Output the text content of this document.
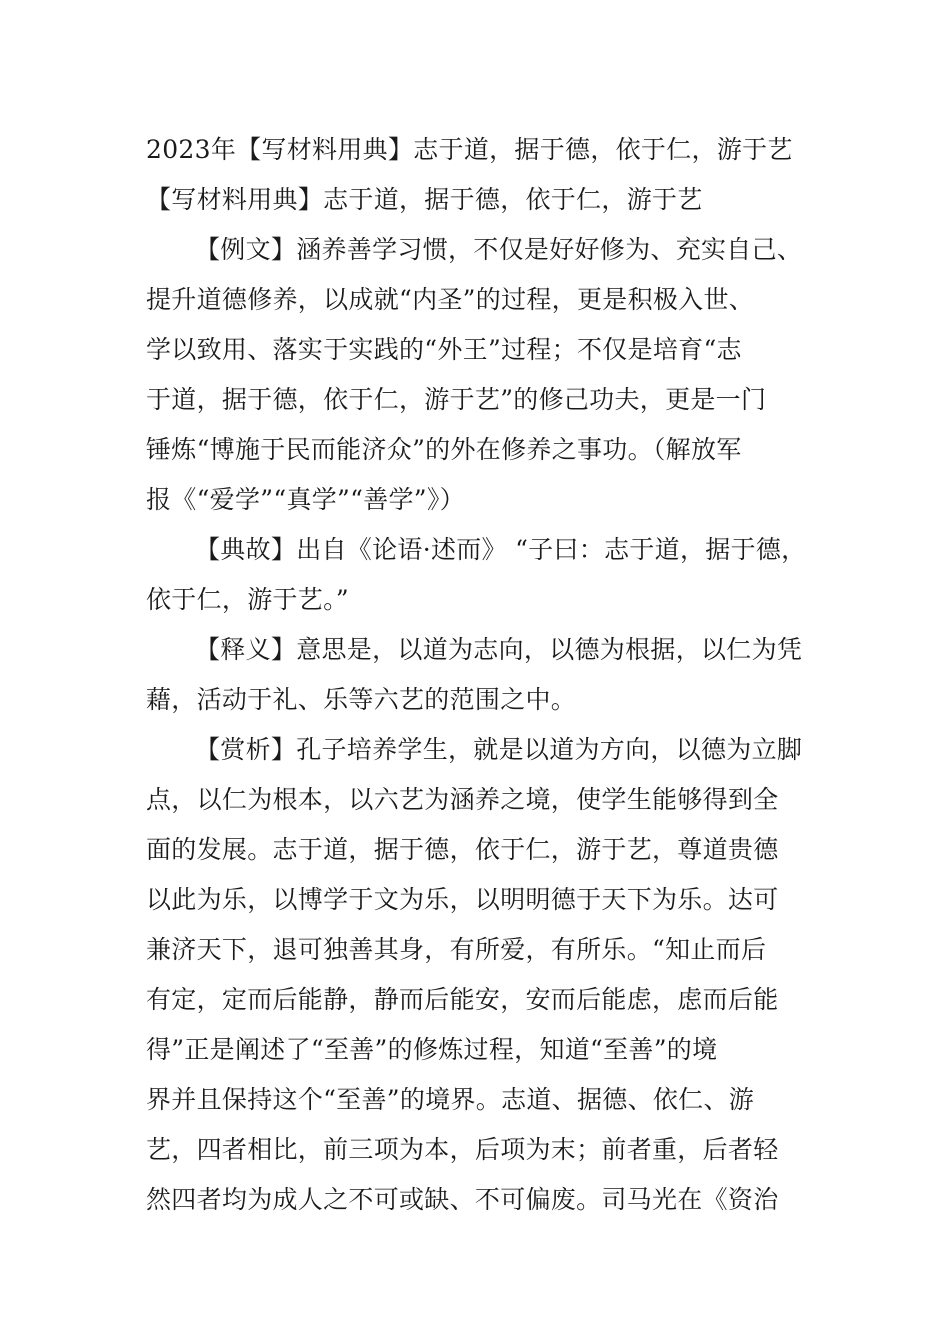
2023年【写材料用典】志于道，据于德，依于仁，游于艺
【写材料用典】志于道，据于德，依于仁，游于艺
【例文】涵养善学习惯，不仅是好好修为、充实自己、
提升道德修养，以成就“内圣”的过程，更是积极入世、
学以致用、落实于实践的“外王”过程；不仅是培育“志
于道，据于德，依于仁，游于艺”的修己功夫，更是一门
锤炼“博施于民而能济众”的外在修养之事功。（解放军
报《“爱学”“真学”“善学”》）
【典故】出自《论语·述而》 “子曰：志于道，据于德，
依于仁，游于艺。”
【释义】意思是，以道为志向，以德为根据，以仁为凭
藉，活动于礼、乐等六艺的范围之中。
【赏析】孔子培养学生，就是以道为方向，以德为立脚
点，以仁为根本，以六艺为涵养之境，使学生能够得到全
面的发展。志于道，据于德，依于仁，游于艺，尊道贵德
以此为乐，以博学于文为乐，以明明德于天下为乐。达可
兼济天下，退可独善其身，有所爱，有所乐。“知止而后
有定，定而后能静，静而后能安，安而后能虑，虑而后能
得”正是阐述了“至善”的修炼过程，知道“至善”的境
界并且保持这个“至善”的境界。志道、据德、依仁、游
艺，四者相比，前三项为本，后项为末；前者重，后者轻
然四者均为成人之不可或缺、不可偏废。司马光在《资治
